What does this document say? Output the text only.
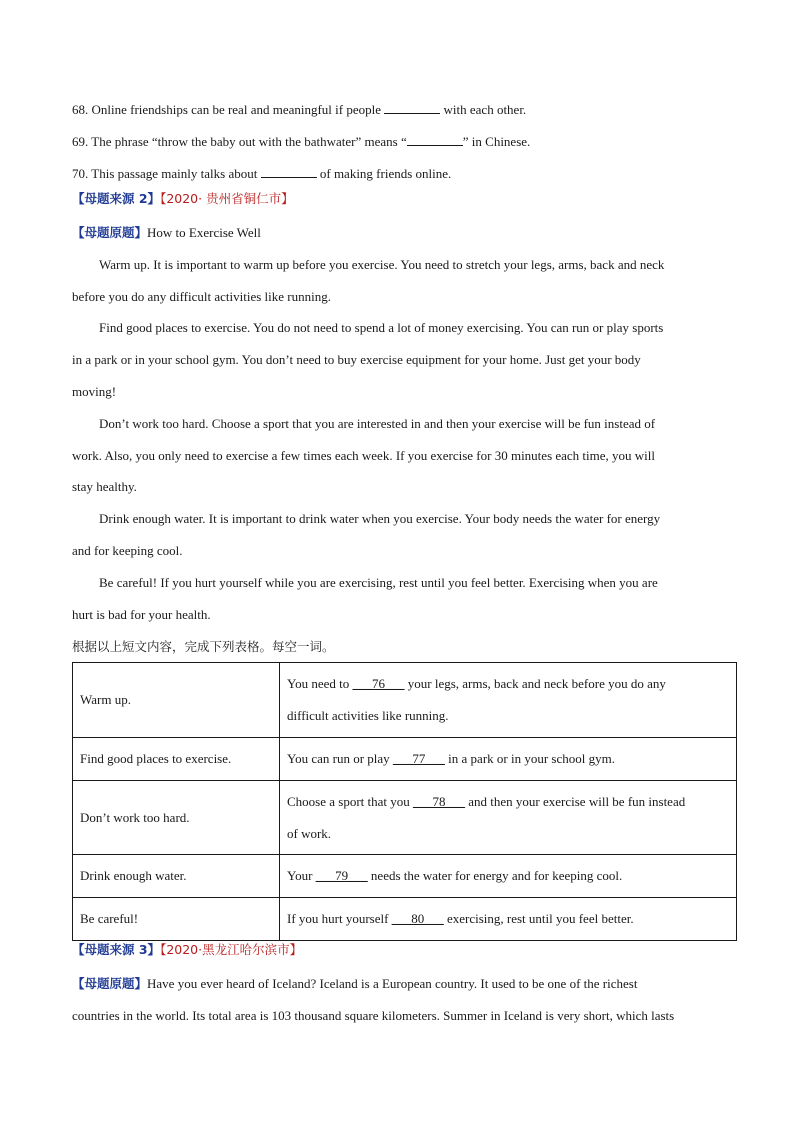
68. Online friendships can be real and meaningful if people	with each other.
69. The phrase “throw the baby out with the bathwater” means “	” in Chinese.
70. This passage mainly talks about	of making friends online.
【母题来源 2】【2020· 贵州省铜仁市】
【母题原题】How to Exercise Well
Warm up. It is important to warm up before you exercise. You need to stretch your legs, arms, back and neck
before you do any difficult activities like running.
Find good places to exercise. You do not need to spend a lot of money exercising. You can run or play sports
in a park or in your school gym. You don’t need to buy exercise equipment for your home. Just get your body
moving!
Don’t work too hard. Choose a sport that you are interested in and then your exercise will be fun instead of
work. Also, you only need to exercise a few times each week. If you exercise for 30 minutes each time, you will
stay healthy.
Drink enough water. It is important to drink water when you exercise. Your body needs the water for energy
and for keeping cool.
Be careful! If you hurt yourself while you are exercising, rest until you feel better. Exercising when you are
hurt is bad for your health.
根据以上短文内容，完成下列表格。每空一词。
Warm up.	You need to ___76___ your legs, arms, back and neck before you do any
difficult activities like running.
Find good places to exercise.	You can run or play ___77___ in a park or in your school gym.
Don’t work too hard.	Choose a sport that you ___78___ and then your exercise will be fun instead
of work.
Drink enough water.	Your ___79___ needs the water for energy and for keeping cool.
Be careful!	If you hurt yourself ___80___ exercising, rest until you feel better.
【母题来源 3】【2020·黑龙江哈尔滨市】
【母题原题】Have you ever heard of Iceland? Iceland is a European country. It used to be one of the richest
countries in the world. Its total area is 103 thousand square kilometers. Summer in Iceland is very short, which lasts
